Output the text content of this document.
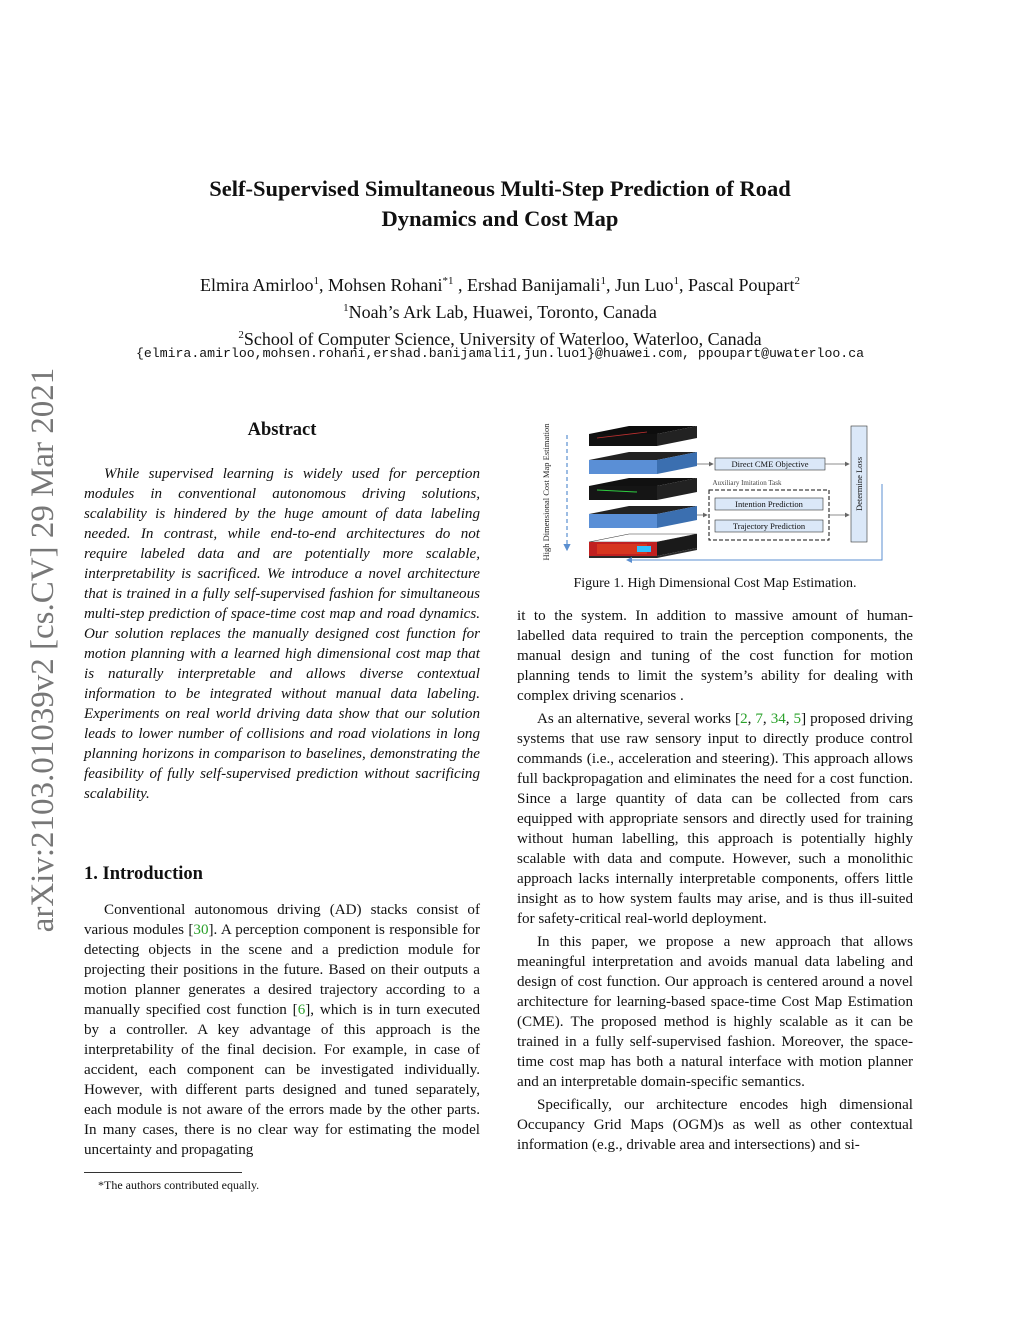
arXiv:2103.01039v2 [cs.CV] 29 Mar 2021
Self-Supervised Simultaneous Multi-Step Prediction of Road
Dynamics and Cost Map
Elmira Amirloo$^1$, Mohsen Rohani$^{*1}$ , Ershad Banijamali$^1$, Jun Luo$^1$, Pascal Poupart$^2$
$^1$Noah’s Ark Lab, Huawei, Toronto, Canada
$^2$School of Computer Science, University of Waterloo, Waterloo, Canada
{elmira.amirloo,mohsen.rohani,ershad.banijamali1,jun.luo1}@huawei.com, ppoupart@uwaterloo.ca
Abstract

While supervised learning is widely used for perception modules in conventional autonomous driving solutions, scalability is hindered by the huge amount of data labeling needed. In contrast, while end-to-end architectures do not require labeled data and are potentially more scalable, interpretability is sacrificed. We introduce a novel architecture that is trained in a fully self-supervised fashion for simultaneous multi-step prediction of space-time cost map and road dynamics. Our solution replaces the manually designed cost function for motion planning with a learned high dimensional cost map that is naturally interpretable and allows diverse contextual information to be integrated without manual data labeling. Experiments on real world driving data show that our solution leads to lower number of collisions and road violations in long planning horizons in comparison to baselines, demonstrating the feasibility of fully self-supervised prediction without sacrificing scalability.

1. Introduction

Conventional autonomous driving (AD) stacks consist of various modules [30]. A perception component is responsible for detecting objects in the scene and a prediction module for projecting their positions in the future. Based on their outputs a motion planner generates a desired trajectory according to a manually specified cost function [6], which is in turn executed by a controller. A key advantage of this approach is the interpretability of the final decision. For example, in case of accident, each component can be investigated individually. However, with different parts designed and tuned separately, each module is not aware of the errors made by the other parts. In many cases, there is no clear way for estimating the model uncertainty and propagating

*The authors contributed equally.
High Dimensional Cost Map Estimation	Direct CME Objective
Auxiliary Imitation Task
Intention Prediction
Trajectory Prediction
Determine Loss
Figure 1. High Dimensional Cost Map Estimation.

it to the system. In addition to massive amount of human-labelled data required to train the perception components, the manual design and tuning of the cost function for motion planning tends to limit the system’s ability for dealing with complex driving scenarios .

As an alternative, several works [2, 7, 34, 5] proposed driving systems that use raw sensory input to directly produce control commands (i.e., acceleration and steering). This approach allows full backpropagation and eliminates the need for a cost function. Since a large quantity of data can be collected from cars equipped with appropriate sensors and directly used for training without human labelling, this approach is potentially highly scalable with data and compute. However, such a monolithic approach lacks internally interpretable components, offers little insight as to how system faults may arise, and is thus ill-suited for safety-critical real-world deployment.

In this paper, we propose a new approach that allows meaningful interpretation and avoids manual data labeling and design of cost function. Our approach is centered around a novel architecture for learning-based space-time Cost Map Estimation (CME). The proposed method is highly scalable as it can be trained in a fully self-supervised fashion. Moreover, the space-time cost map has both a natural interface with motion planner and an interpretable domain-specific semantics.

Specifically, our architecture encodes high dimensional Occupancy Grid Maps (OGM)s as well as other contextual information (e.g., drivable area and intersections) and si-
